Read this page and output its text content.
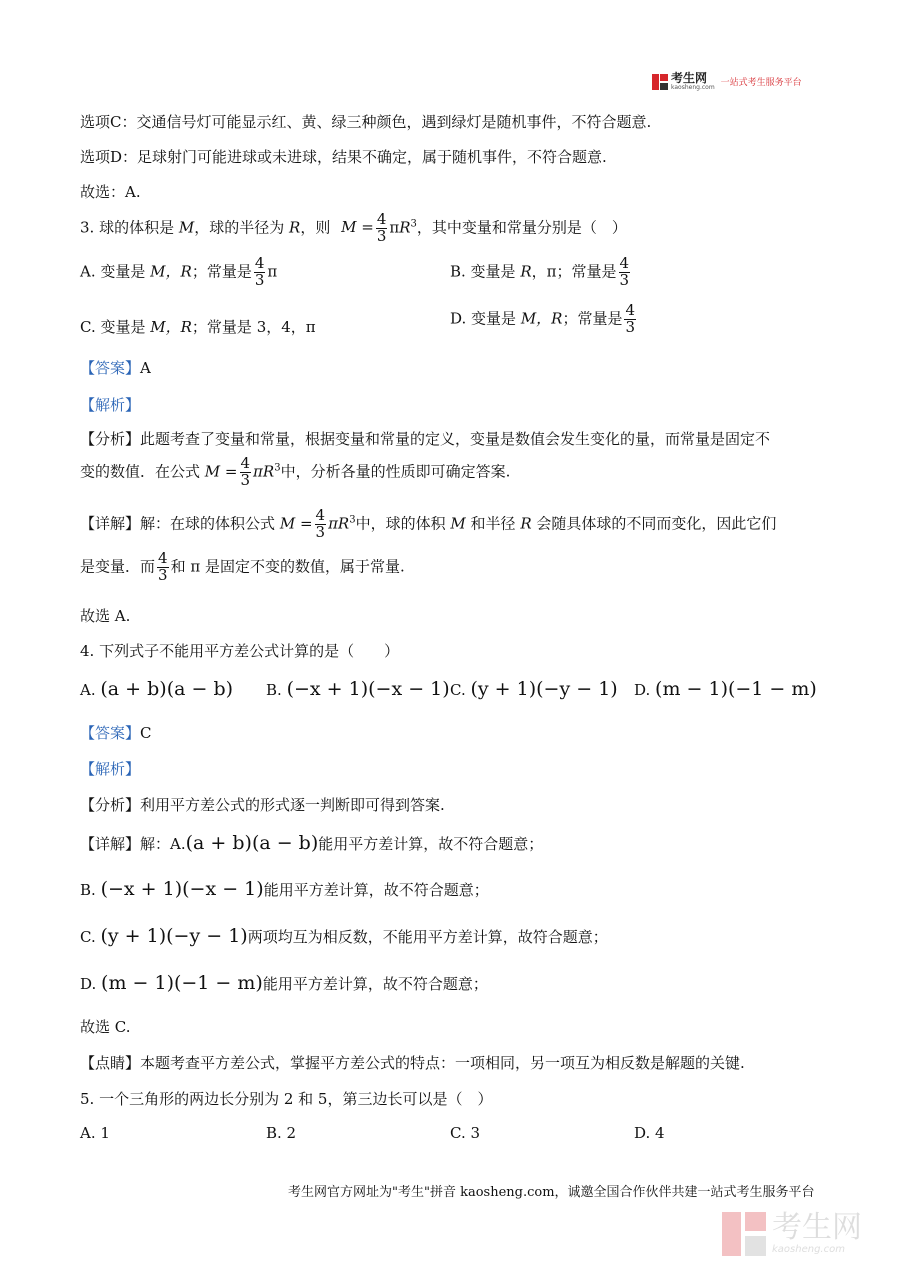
考生网
kaosheng.com 一站式考生服务平台
选项C：交通信号灯可能显示红、黄、绿三种颜色，遇到绿灯是随机事件，不符合题意.
选项D：足球射门可能进球或未进球，结果不确定，属于随机事件，不符合题意.
故选：A.
3. 球的体积是 M，球的半径为 R，则 $M = \frac{4}{3} \pi R^3$，其中变量和常量分别是（　）
A. 变量是 M，R；常量是 $\frac{4}{3}$ π	B. 变量是 R，π；常量是 $\frac{4}{3}$
C. 变量是 M，R；常量是 3，4，π	D. 变量是 M，R；常量是 $\frac{4}{3}$
【答案】A
【解析】
【分析】此题考查了变量和常量，根据变量和常量的定义，变量是数值会发生变化的量，而常量是固定不
变的数值．在公式 $M = \frac{4}{3} \pi R^3$中，分析各量的性质即可确定答案.
【详解】解：在球的体积公式 $M = \frac{4}{3} \pi R^3$中，球的体积 M 和半径 R 会随具体球的不同而变化，因此它们
是变量．而 $\frac{4}{3}$ 和 π 是固定不变的数值，属于常量.
故选 A.
4. 下列式子不能用平方差公式计算的是（　　）
A. (a + b)(a − b) B. (−x + 1)(−x − 1) C. (y + 1)(−y − 1) D. (m − 1)(−1 − m)
【答案】C
【解析】
【分析】利用平方差公式的形式逐一判断即可得到答案.
【详解】解：A.(a + b)(a − b)能用平方差计算，故不符合题意；
B. (−x + 1)(−x − 1)能用平方差计算，故不符合题意；
C. (y + 1)(−y − 1)两项均互为相反数，不能用平方差计算，故符合题意；
D. (m − 1)(−1 − m)能用平方差计算，故不符合题意；
故选 C.
【点睛】本题考查平方差公式，掌握平方差公式的特点：一项相同，另一项互为相反数是解题的关键.
5. 一个三角形的两边长分别为 2 和 5，第三边长可以是（　）
A. 1	B. 2	C. 3	D. 4
考生网官方网址为"考生"拼音 kaosheng.com，诚邀全国合作伙伴共建一站式考生服务平台
考生网
kaosheng.com
